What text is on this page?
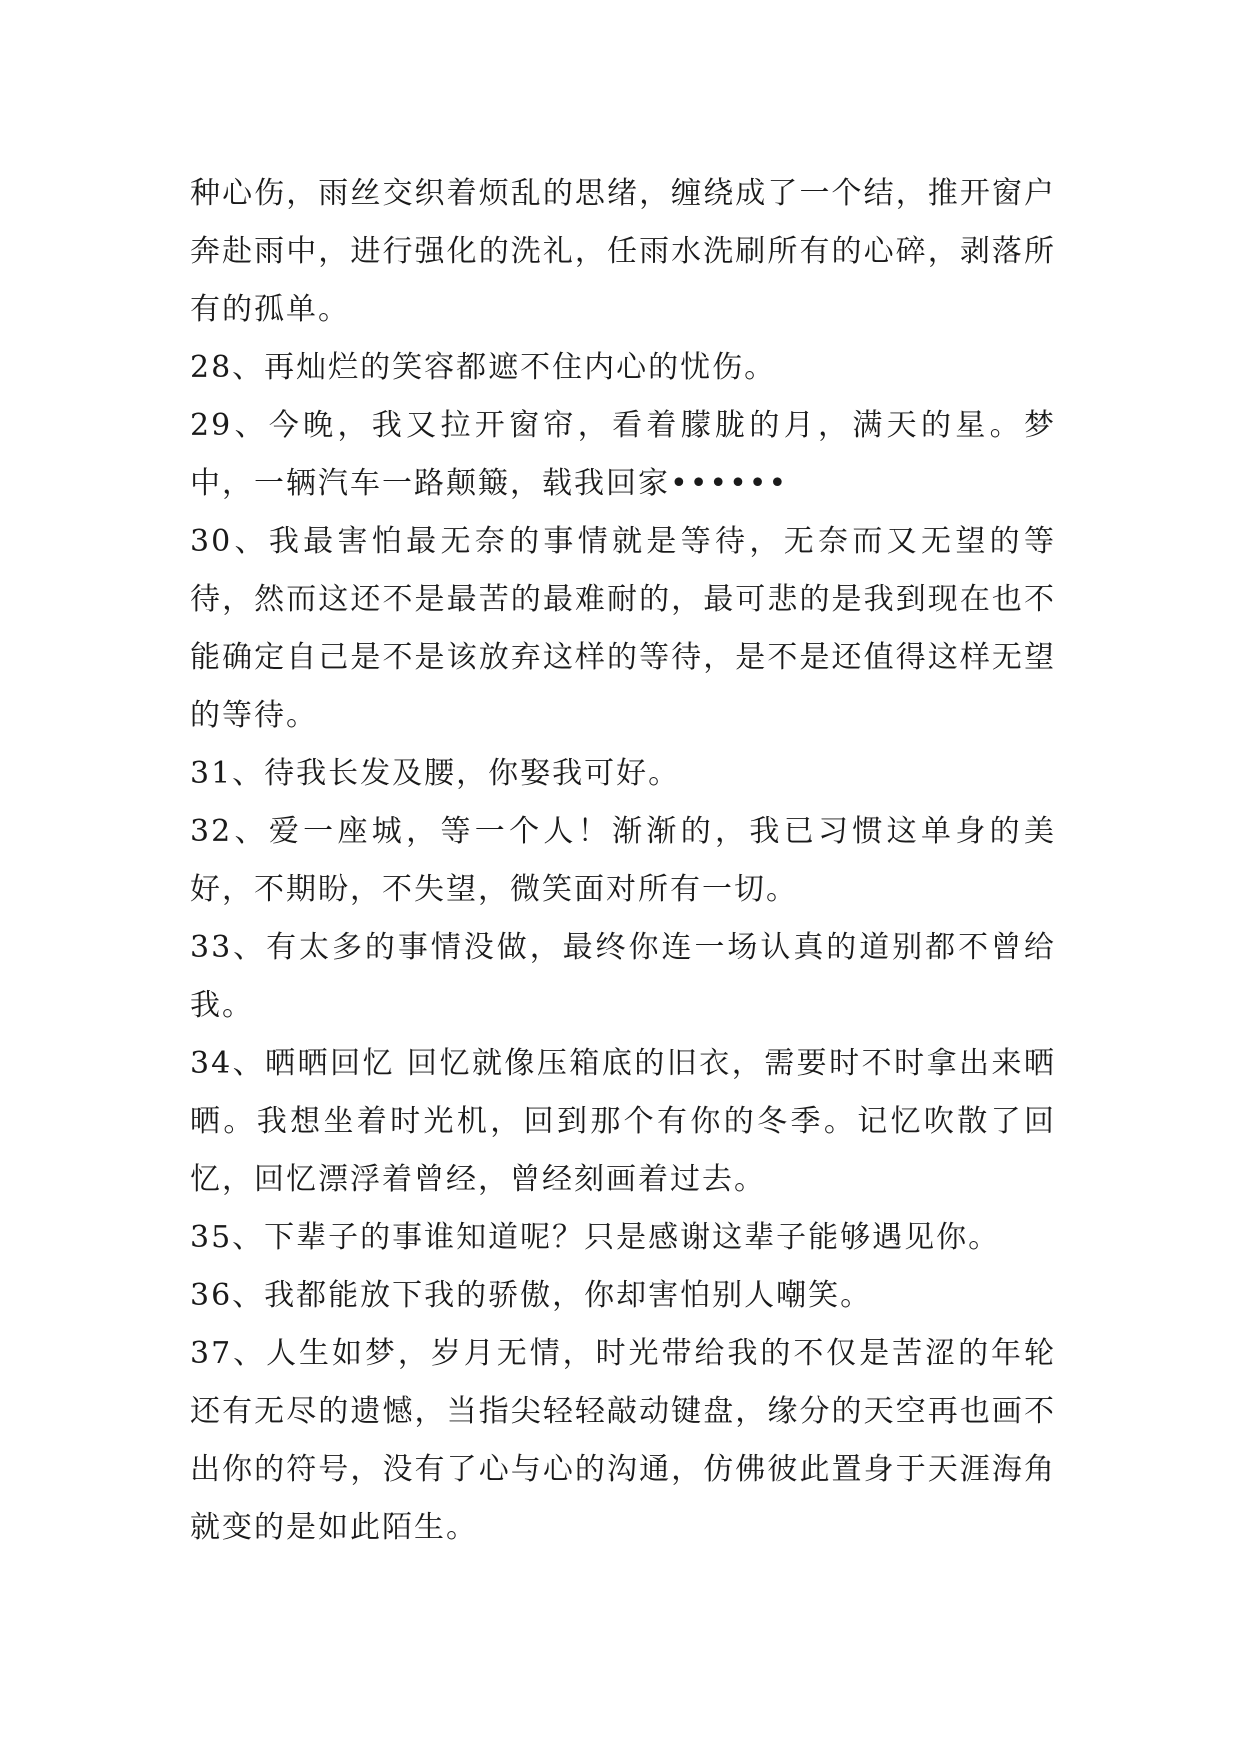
种心伤，雨丝交织着烦乱的思绪，缠绕成了一个结，推开窗户奔赴雨中，进行强化的洗礼，任雨水洗刷所有的心碎，剥落所有的孤单。

28、再灿烂的笑容都遮不住内心的忧伤。

29、今晚，我又拉开窗帘，看着朦胧的月，满天的星。梦中，一辆汽车一路颠簸，载我回家••••••

30、我最害怕最无奈的事情就是等待，无奈而又无望的等待，然而这还不是最苦的最难耐的，最可悲的是我到现在也不能确定自己是不是该放弃这样的等待，是不是还值得这样无望的等待。

31、待我长发及腰，你娶我可好。

32、爱一座城，等一个人！渐渐的，我已习惯这单身的美好，不期盼，不失望，微笑面对所有一切。

33、有太多的事情没做，最终你连一场认真的道别都不曾给我。

34、晒晒回忆 回忆就像压箱底的旧衣，需要时不时拿出来晒晒。我想坐着时光机，回到那个有你的冬季。记忆吹散了回忆，回忆漂浮着曾经，曾经刻画着过去。

35、下辈子的事谁知道呢？只是感谢这辈子能够遇见你。

36、我都能放下我的骄傲，你却害怕别人嘲笑。

37、人生如梦，岁月无情，时光带给我的不仅是苦涩的年轮还有无尽的遗憾，当指尖轻轻敲动键盘，缘分的天空再也画不出你的符号，没有了心与心的沟通，仿佛彼此置身于天涯海角就变的是如此陌生。
